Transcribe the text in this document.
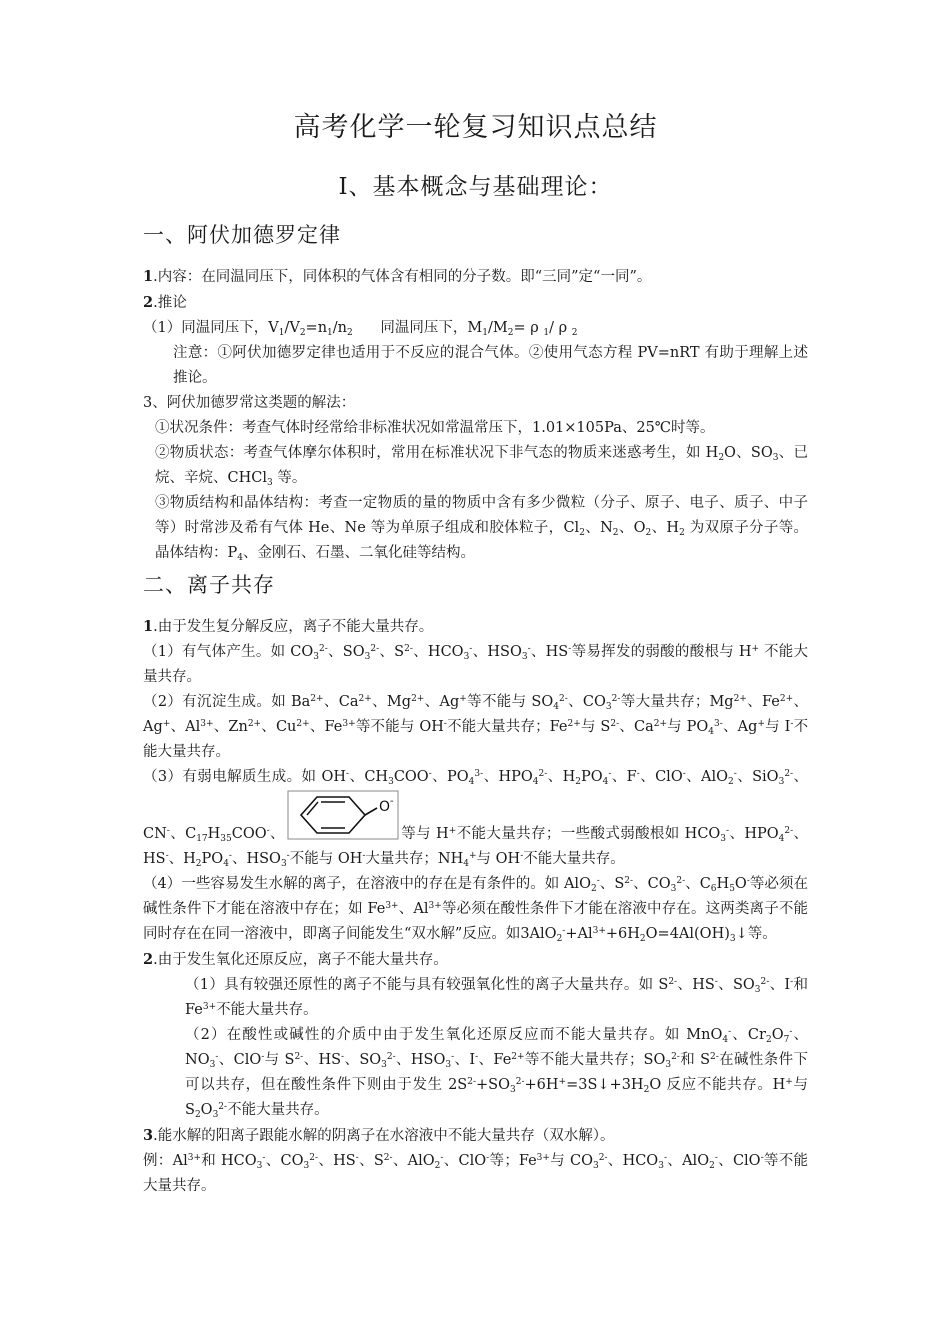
高考化学一轮复习知识点总结
Ⅰ、基本概念与基础理论：
一、阿伏加德罗定律

1.内容：在同温同压下，同体积的气体含有相同的分子数。即“三同”定“一同”。

2.推论

（1）同温同压下，$V_1/V_2=n_1/n_2$ 同温同压下，$M_1/M_2= \rho$ $_1$/ ρ $_2$

注意：①阿伏加德罗定律也适用于不反应的混合气体。②使用气态方程 PV=nRT 有助于理解上述推论。

3、阿伏加德罗常这类题的解法：

①状况条件：考查气体时经常给非标准状况如常温常压下，1.01×105Pa、25℃时等。

②物质状态：考查气体摩尔体积时，常用在标准状况下非气态的物质来迷惑考生，如 $H_2O$、$SO_3$、已烷、辛烷、CHCl$_3$ 等。

③物质结构和晶体结构：考查一定物质的量的物质中含有多少微粒（分子、原子、电子、质子、中子等）时常涉及希有气体 He、Ne 等为单原子组成和胶体粒子，$Cl_2$、$N_2$、$O_2$、$H_2$ 为双原子分子等。晶体结构：$P_4$、金刚石、石墨、二氧化硅等结构。

二、离子共存

1.由于发生复分解反应，离子不能大量共存。

（1）有气体产生。如 $CO_3^{2-}$、$SO_3^{2-}$、$S^{2-}$、$HCO_3^-$、$HSO_3^-$、HS-等易挥发的弱酸的酸根与 H+ 不能大量共存。

（2）有沉淀生成。如 $Ba^{2+}$、$Ca^{2+}$、$Mg^{2+}$、Ag+等不能与 $SO_4^{2-}$、$CO_3^{2-}$等大量共存；$Mg^{2+}$、$Fe^{2+}$、Ag+、$Al^{3+}$、$Zn^{2+}$、$Cu^{2+}$、$Fe^{3+}$等不能与 OH-不能大量共存；$Fe^{2+}$与 $S^{2-}$、$Ca^{2+}$与 $PO_4^{3-}$、Ag+与 I-不能大量共存。

（3）有弱电解质生成。如 OH-、$CH_3COO^-$、$PO_4^{3-}$、$HPO_4^{2-}$、$H_2PO_4^-$、F-、ClO-、AlO$_2$-、SiO$_3^{2-}$、CN-、$C_{17}H_{35}COO^-$、
O -
等与 H+不能大量共存；一些酸式弱酸根如 $HCO_3^-$、$HPO_4^{2-}$、HS-、$H_2PO_4^-$、$HSO_3^-$不能与 OH-大量共存；$NH_4^+$与 OH-不能大量共存。

（4）一些容易发生水解的离子，在溶液中的存在是有条件的。如 AlO$_2$-、$S^{2-}$、$CO_3^{2-}$、$C_6H_5O^-$等必须在碱性条件下才能在溶液中存在；如 $Fe^{3+}$、$Al^{3+}$等必须在酸性条件下才能在溶液中存在。这两类离子不能同时存在在同一溶液中，即离子间能发生“双水解”反应。如$3AlO_2^-+Al^{3+}+6H_2O=4Al(OH)_3↓$等。

2.由于发生氧化还原反应，离子不能大量共存。

（1）具有较强还原性的离子不能与具有较强氧化性的离子大量共存。如 $S^{2-}$、HS-、$SO_3^{2-}$、I-和 $Fe^{3+}$不能大量共存。

（2）在酸性或碱性的介质中由于发生氧化还原反应而不能大量共存。如 MnO$_4$-、$Cr_2O_7^-$、$NO_3^-$、ClO-与 $S^{2-}$、HS-、$SO_3^{2-}$、$HSO_3^-$、I-、$Fe^{2+}$等不能大量共存；$SO_3^{2-}$和 $S^{2-}$在碱性条件下可以共存，但在酸性条件下则由于发生 $2S^{2-}+SO_3^{2-}+6H^+=3S↓+3H_2O$ 反应不能共存。H+与 $S_2O_3^{2-}$不能大量共存。

3.能水解的阳离子跟能水解的阴离子在水溶液中不能大量共存（双水解）。

例：$Al^{3+}$和 $HCO_3^-$、$CO_3^{2-}$、HS-、$S^{2-}$、AlO$_2$-、ClO-等；$Fe^{3+}$与 $CO_3^{2-}$、$HCO_3^-$、AlO$_2$-、ClO-等不能大量共存。
